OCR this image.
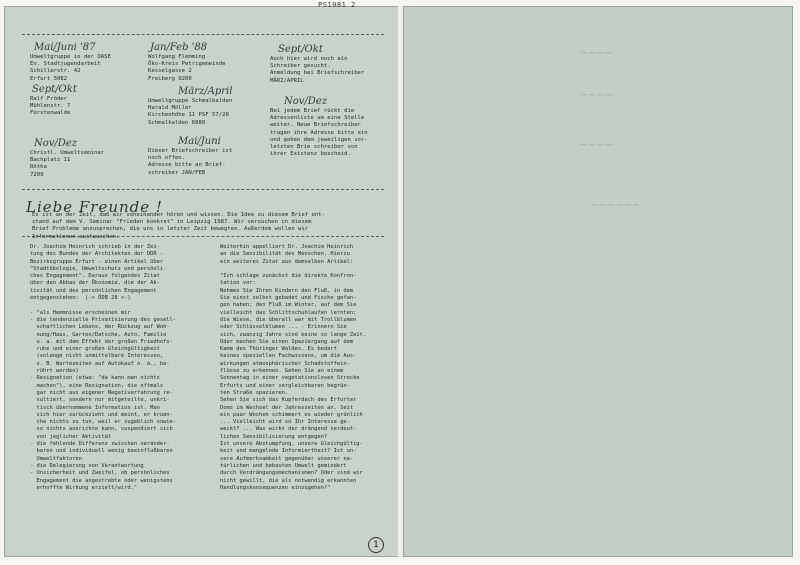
PS1081 2
Mai/Juni '87
Umweltgruppe in der OASE
Ev. Stadtjugendarbeit
Schillerstr. 42
Erfurt 5082
Jan/Feb '88
Wolfgang Flemming
Öko-Kreis Petrigemeinde
Kesselgasse 2
Freiberg 9200
Sept/Okt
Auch hier wird noch ein
Schreiber gesucht.
Anmeldung bei Briefschreiber
MÄRZ/APRIL
Sept/Okt
Ralf Fröder
Mühlenstr. 7
Fürstenwalde
März/April
Umweltgruppe Schmalkalden
Harald Möller
Kirchenhöhe 11 PSF 57/20
Schmalkalden 6080
Nov/Dez
Bei jedem Brief rückt die
Adressenliste um eine Stelle
weiter. Neue Briefschreiber
tragen ihre Adresse bitte ein
und geben dem jeweiligen vor-
letzten Brie schreiber von
ihrer Existenz bescheid.
Nov/Dez
Christl. Umweltseminar
Bachplatz 11
Rötha
7209
Mai/Juni
Dieser Briefschreiber ist
noch offen.
Adresse bitte an Brief-
schreiber JAN/FEB
Liebe Freunde !
Es ist an der Zeit, daß wir voneinander hören und wissen. Die Idee zu diesem Brief ent-
stand auf dem V. Seminar "Frieden konkret" in Leipzig 1987. Wir versuchen in diesem
Brief Probleme anzusprechen, die uns in letzter Zeit bewegten. Außerdem wollen wir
Informationen austauschen.
Dr. Joachim Heinrich schrieb in der Zei-
tung des Bundes der Architekten der DDR -
Bezirksgruppe Erfurt - einen Artikel über
"Stadtökologie, Umweltschutz und persönli-
ches Engagement". Daraus folgendes Zitat
über den Abbau der Ökonomie, die der Ak-
tivität und des persönlichen Engagement
entgegenstehen:  (-> ÖDB 28 <-)

- "als Hemmnisse erscheinen mir
- die tendenzielle Privatisierung des gesell-
schaftlichen Lebens, der Rückzug auf Woh-
nung/Haus, Garten/Datsche, Auto, Familie
u. a. mit dem Effekt der großen Friedhofs-
ruhe und einer großen Gleichgültigkeit
(solange nicht unmittelbare Interessen,
z. B. Wartezeiten auf Autokauf o. ä., be-
rührt werden)
- Resignation (etwa: "da kann man nichts
machen"), eine Resignation, die oftmals
gar nicht aus eigener Negativerfahrung re-
sultiert, sondern nur mitgeteilte, unkri-
tisch übernommene Information ist. Man
sich hier zurückzieht und meint, er kruen-
che nichts zu tun, weil er zugeblich sowie-
so nichts ausrichte kann, suspendiert sich
von jeglicher Aktivität
- die fehlende Differenz zwischen veränder-
baren und individuell wenig beeinflußbaren
Umweltfaktoren
- die Delegierung von Verantwortung
- Unsicherheit und Zweifel, ob persönliches
Engagement die angestrebte oder wenigstens
erhoffte Wirkung erzielt/wird."
Weiterhin appelliert Dr. Joachim Heinrich
an die Sensibilität des Menschen. Hierzu
ein weiteres Zitat aus demselben Artikel:

"Ich schlage zunächst die direkte Konfron-
tation vor:
Nehmen Sie Ihren Kindern den Fluß, in dem
Sie einst selbst gebadet und Fische gefan-
gen haben; den Fluß im Winter, auf dem Sie
vielleicht das Schlittschuhlaufen lernten;
die Wiese, die überall war mit Trollblumen
oder Schlüsselblumen ... - Erinnern Sie
sich, zwanzig Jahre sind keine so lange Zeit.
Oder machen Sie einen Spaziergang auf dem
Kamm des Thüringer Waldes. Es bedarf
keines speziellen Fachwissens, um die Aus-
wirkungen atmosphärischer Schadstoffein-
flüsse zu erkennen. Gehen Sie an einem
Sonnentag in einer vegetationslosen Strecke
Erfurts und einer vergleichbaren begrün-
ten Straße spazieren.
Sehen Sie sich das Kupferdach des Erfurter
Doms im Wechsel der Jahreszeiten an. Seit
ein paar Wochen schimmert es wieder grünlich
... Vielleicht wird so Ihr Interesse ge-
weckt? ... Was wirkt der drängend verdeut-
lichen Sensibilisierung entgegen?
Ist unsere Abstumpfung, unsere Gleichgültig-
keit und mangelnde Informiertheit? Ist un-
sere Aufmerksamkeit gegenüber unserer na-
türlichen und bebauten Umwelt gemindert
durch Verdrängungsmechanismen? Oder sind wir
nicht gewillt, die als notwendig erkannten
Handlungskonsequenzen einzugehen?"
1
~~~~
~~~~
~~~~
~~~~~~
